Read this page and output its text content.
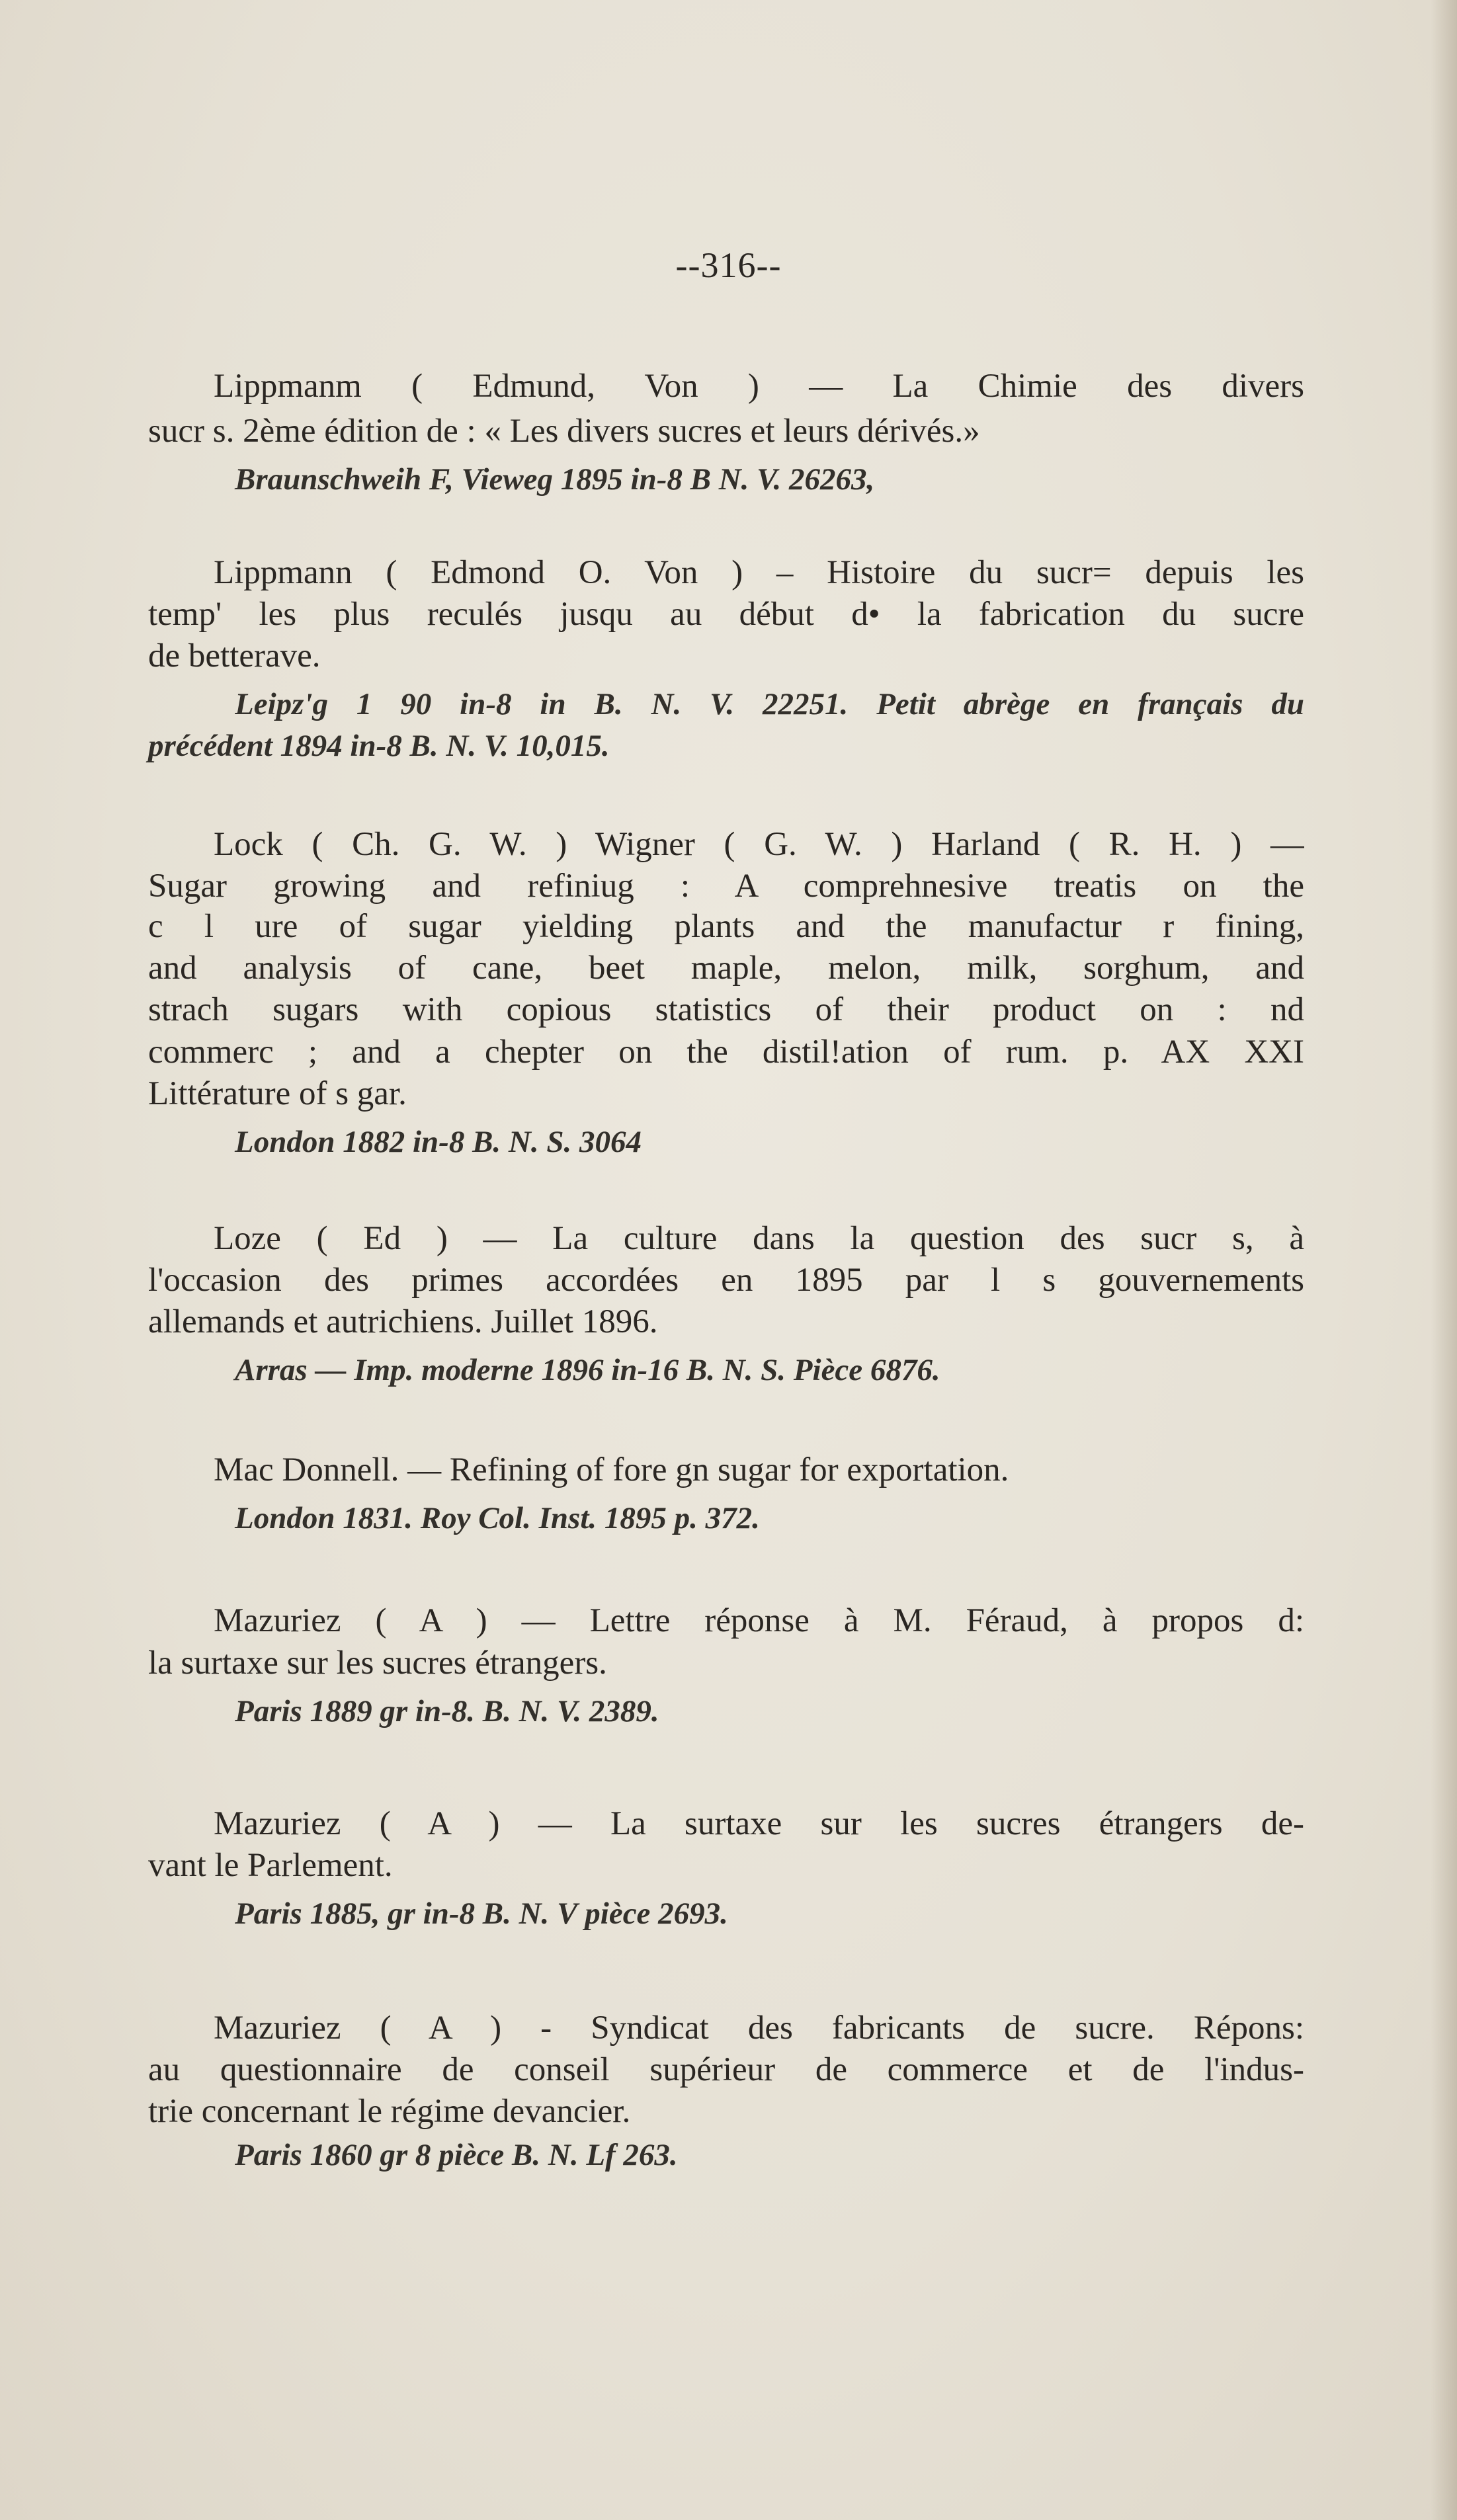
--316--
Lippmanm ( Edmund, Von ) — La Chimie des divers
sucr s. 2ème édition de : « Les divers sucres et leurs dérivés.»
Braunschweih F, Vieweg 1895 in-8 B N. V. 26263,
Lippmann ( Edmond O. Von ) – Histoire du sucr= depuis les
temp' les plus reculés jusqu au début d• la fabrication du sucre
de betterave.
Leipz'g 1 90 in-8 in B. N. V. 22251. Petit abrège en français du
précédent 1894 in-8 B. N. V. 10,015.
Lock ( Ch. G. W. ) Wigner ( G. W. ) Harland ( R. H. ) —
Sugar growing and refiniug : A comprehnesive treatis on the
c l ure of sugar yielding plants and the manufactur r fining,
and analysis of cane, beet maple, melon, milk, sorghum, and
strach sugars with copious statistics of their product on : nd
commerc ; and a chepter on the distil!ation of rum. p. AX XXI
Littérature of s gar.
London 1882 in-8 B. N. S. 3064
Loze ( Ed ) — La culture dans la question des sucr s, à
l'occasion des primes accordées en 1895 par l s gouvernements
allemands et autrichiens. Juillet 1896.
Arras — Imp. moderne 1896 in-16 B. N. S. Pièce 6876.
Mac Donnell. — Refining of fore gn sugar for exportation.
London 1831. Roy Col. Inst. 1895 p. 372.
Mazuriez ( A ) — Lettre réponse à M. Féraud, à propos d:
la surtaxe sur les sucres étrangers.
Paris 1889 gr in-8. B. N. V. 2389.
Mazuriez ( A ) — La surtaxe sur les sucres étrangers de-
vant le Parlement.
Paris 1885, gr in-8 B. N. V pièce 2693.
Mazuriez ( A ) - Syndicat des fabricants de sucre. Répons:
au questionnaire de conseil supérieur de commerce et de l'indus-
trie concernant le régime devancier.
Paris 1860 gr 8 pièce B. N. Lf 263.
